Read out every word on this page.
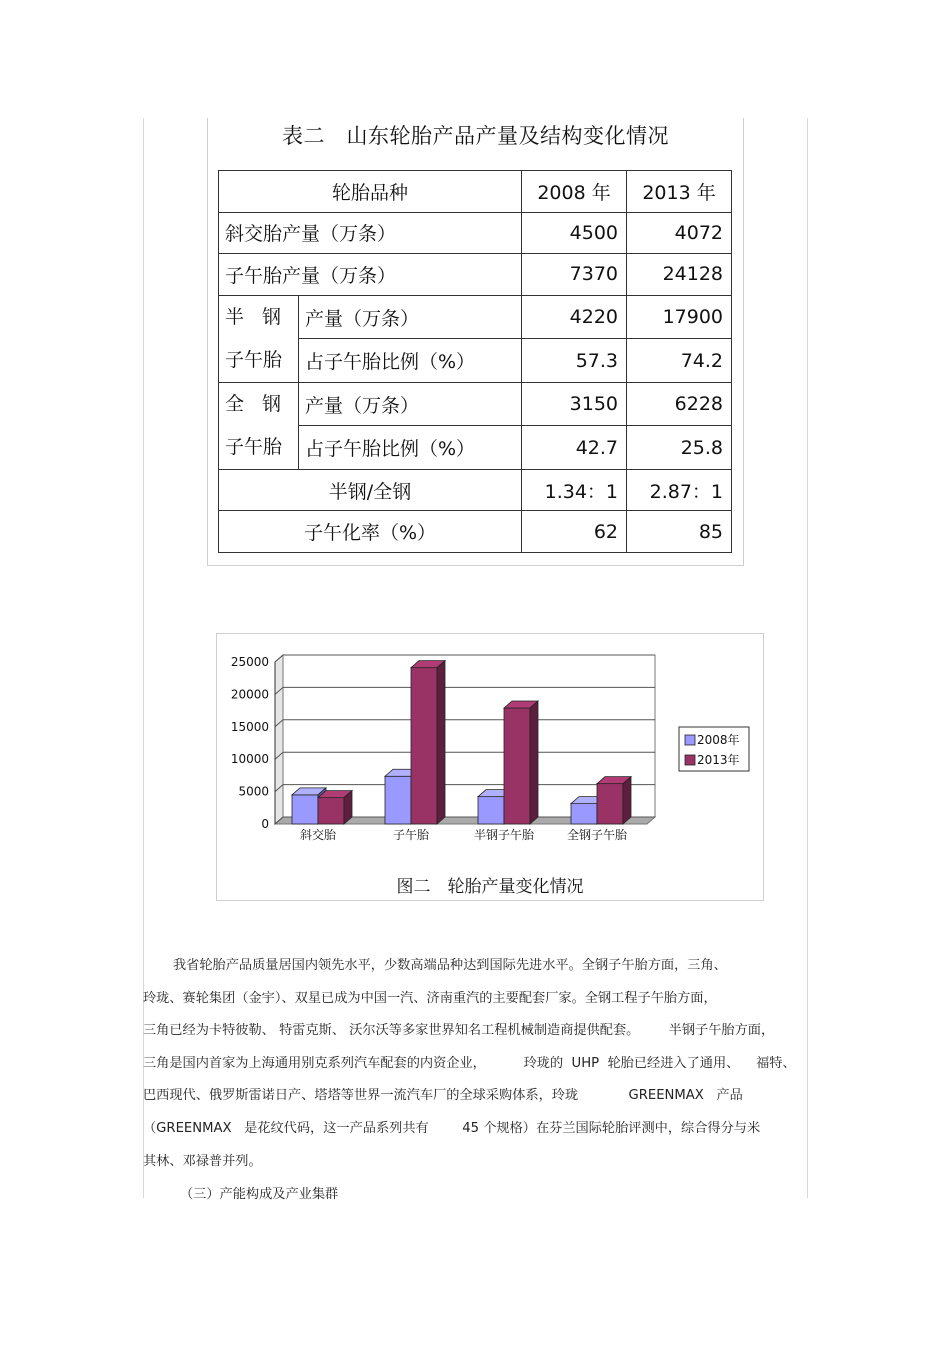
表二　山东轮胎产品产量及结构变化情况
轮胎品种		2008 年	2013 年
斜交胎产量（万条）		4500	4072
子午胎产量（万条）		7370	24128

半 钢
子午胎	产量（万条）	4220	17900
	占子午胎比例（%）	57.3	74.2

全 钢
子午胎	产量（万条）	3150	6228
	占子午胎比例（%）	42.7	25.8
半钢/全钢		1.34：1	2.87：1
子午化率（%）		62	85
0
5000
10000
15000
20000
25000
斜交胎	子午胎	半钢子午胎	全钢子午胎
2008年
2013年
图二　轮胎产量变化情况
我省轮胎产品质量居国内领先水平，少数高端品种达到国际先进水平。全钢子午胎方面，三角、
玲珑、赛轮集团（金宇）、双星已成为中国一汽、济南重汽的主要配套厂家。全钢工程子午胎方面，
三角已经为卡特彼勒、 特雷克斯、 沃尔沃等多家世界知名工程机械制造商提供配套。       半钢子午胎方面，
三角是国内首家为上海通用别克系列汽车配套的内资企业，         玲珑的  UHP  轮胎已经进入了通用、    福特、
巴西现代、俄罗斯雷诺日产、塔塔等世界一流汽车厂的全球采购体系，玲珑            GREENMAX   产品
（GREENMAX   是花纹代码，这一产品系列共有        45 个规格）在芬兰国际轮胎评测中，综合得分与米
其林、邓禄普并列。
（三）产能构成及产业集群
